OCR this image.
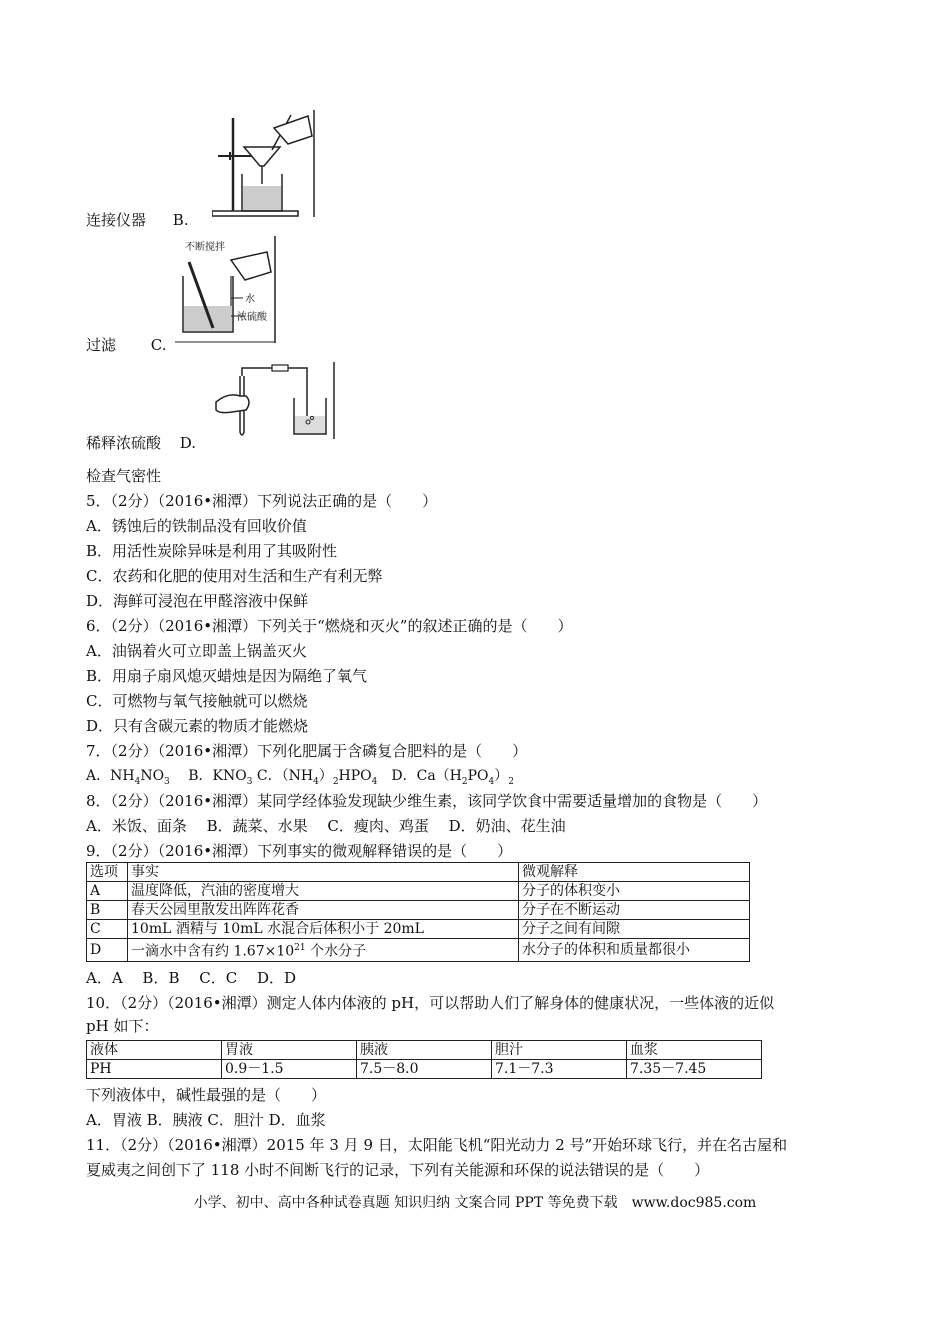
连接仪器 B.
不断搅拌
水
浓硫酸
过滤 C.
稀释浓硫酸 D.
检查气密性
5．（2分）（2016•湘潭）下列说法正确的是（　　）
A．锈蚀后的铁制品没有回收价值
B．用活性炭除异味是利用了其吸附性
C．农药和化肥的使用对生活和生产有利无弊
D．海鲜可浸泡在甲醛溶液中保鲜
6．（2分）（2016•湘潭）下列关于“燃烧和灭火”的叙述正确的是（　　）
A．油锅着火可立即盖上锅盖灭火
B．用扇子扇风熄灭蜡烛是因为隔绝了氧气
C．可燃物与氧气接触就可以燃烧
D．只有含碳元素的物质才能燃烧
7．（2分）（2016•湘潭）下列化肥属于含磷复合肥料的是（　　）
A．$NH_4NO_3$　 B．$KNO_3$ C．$(NH_4)_2HPO_4$　D．$Ca(H_2PO_4)_2$
8．（2分）（2016•湘潭）某同学经体验发现缺少维生素，该同学饮食中需要适量增加的食物是（　　）
A．米饭、面条　 B．蔬菜、水果　 C．瘦肉、鸡蛋　 D．奶油、花生油
9．（2分）（2016•湘潭）下列事实的微观解释错误的是（　　）
选项	事实	微观解释
A	温度降低，汽油的密度增大	分子的体积变小
B	春天公园里散发出阵阵花香	分子在不断运动
C	10mL 酒精与 10mL 水混合后体积小于 20mL	分子之间有间隙
D	一滴水中含有约 $1.67\times 10^{21}$ 个水分子	水分子的体积和质量都很小
A．A　 B．B　 C．C　 D．D
10．（2分）（2016•湘潭）测定人体内体液的 pH，可以帮助人们了解身体的健康状况，一些体液的近似
pH 如下：
液体	胃液	胰液	胆汁	血浆
PH	0.9－1.5	7.5－8.0	7.1－7.3	7.35－7.45
下列液体中，碱性最强的是（　　）
A．胃液 B．胰液 C．胆汁 D．血浆
11．（2分）（2016•湘潭）2015 年 3 月 9 日，太阳能飞机“阳光动力 2 号”开始环球飞行，并在名古屋和
夏威夷之间创下了 118 小时不间断飞行的记录，下列有关能源和环保的说法错误的是（　　）
小学、初中、高中各种试卷真题 知识归纳 文案合同 PPT 等免费下载　www.doc985.com
